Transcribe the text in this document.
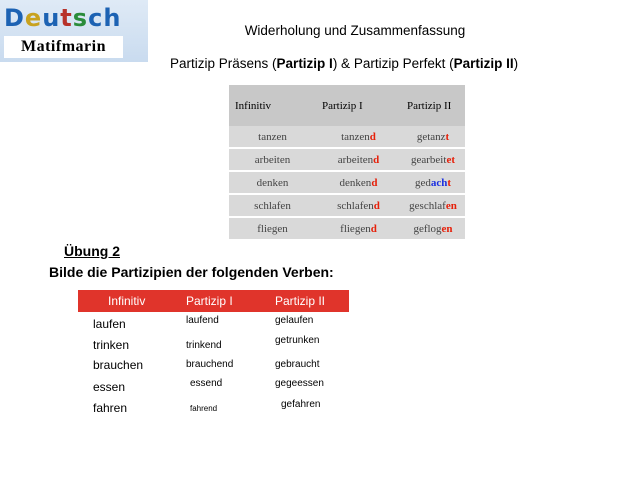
Deutsch
Matifmarin
Widerholung und Zusammenfassung
Partizip Präsens (Partizip I) & Partizip Perfekt (Partizip II)
Infinitiv	Partizip I	Partizip II
tanzen	tanzend	getanzt
arbeiten	arbeitend	gearbeitet
denken	denkend	gedacht
schlafen	schlafend	geschlafen
fliegen	fliegend	geflogen
Übung 2
Bilde die Partizipien der folgenden Verben:
Infinitiv	Partizip I	Partizip II
laufen	laufend	gelaufen
trinken	trinkend	getrunken
brauchen	brauchend	gebraucht
essen	essend	gegeessen
fahren	fahrend	gefahren
